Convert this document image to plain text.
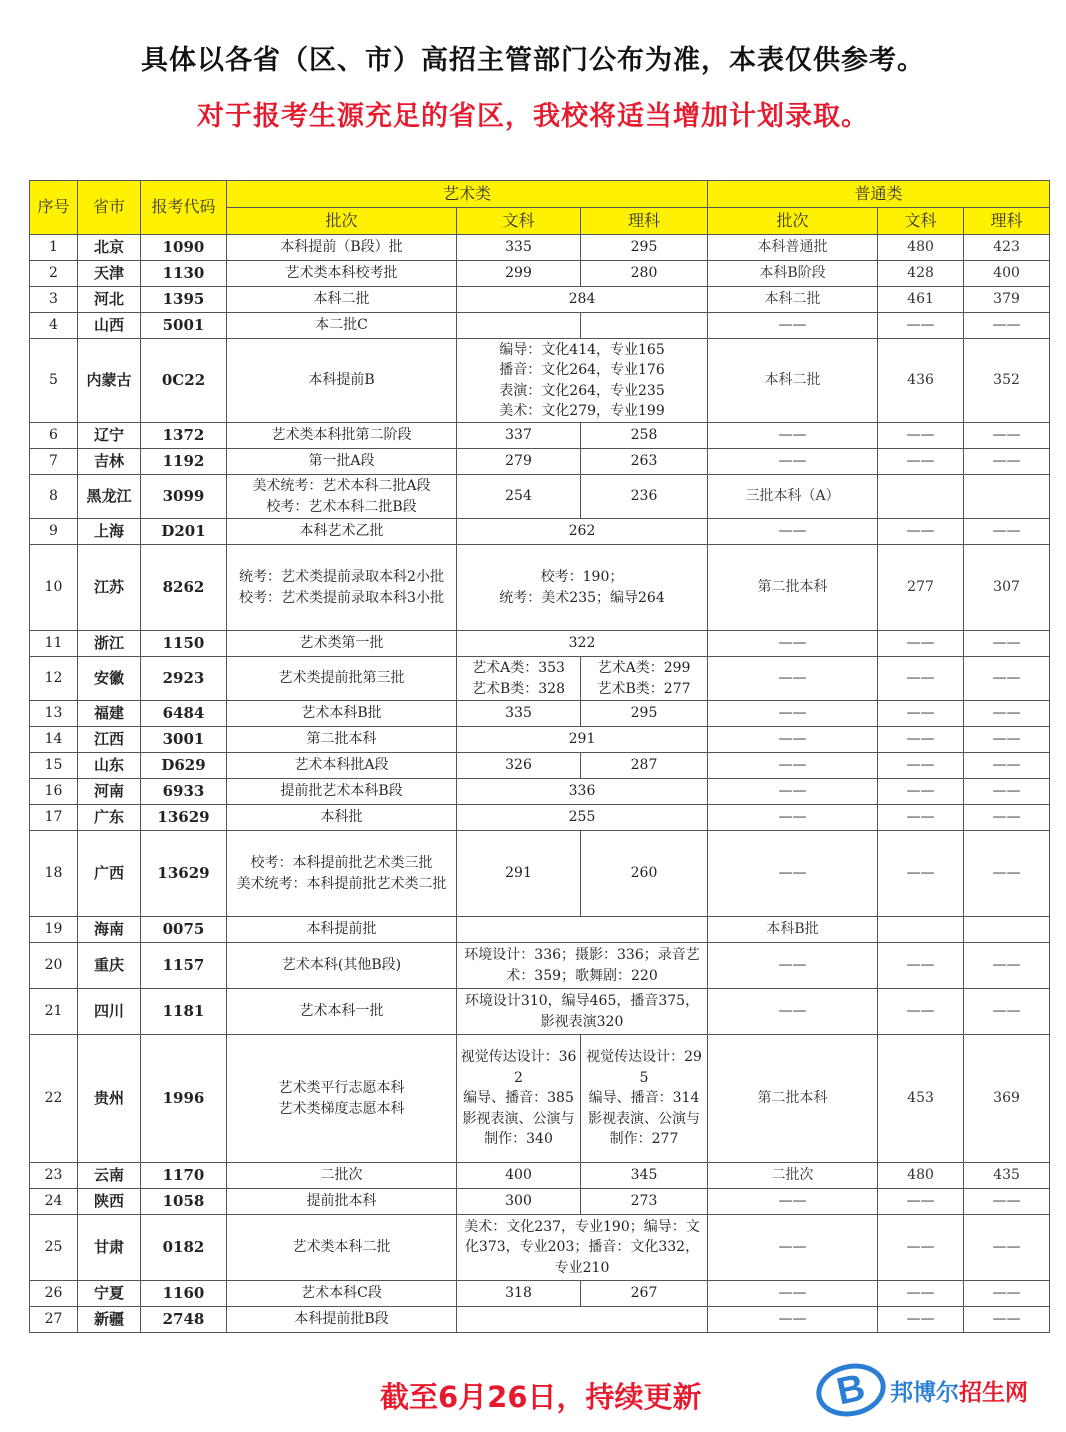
具体以各省（区、市）高招主管部门公布为准，本表仅供参考。
对于报考生源充足的省区，我校将适当增加计划录取。
序号	省市	报考代码	艺术类			普通类		
			批次	文科	理科	批次	文科	理科
1	北京	1090	本科提前（B段）批	335	295	本科普通批	480	423
2	天津	1130	艺术类本科校考批	299	280	本科B阶段	428	400
3	河北	1395	本科二批	284		本科二批	461	379
4	山西	5001	本二批C			——	——	——
5	内蒙古	0C22	本科提前B	编导：文化414，专业165
播音：文化264，专业176
表演：文化264，专业235
美术：文化279，专业199		本科二批	436	352
6	辽宁	1372	艺术类本科批第二阶段	337	258	——	——	——
7	吉林	1192	第一批A段	279	263	——	——	——
8	黑龙江	3099	美术统考：艺术本科二批A段
校考：艺术本科二批B段	254	236	三批本科（A）		
9	上海	D201	本科艺术乙批	262		——	——	——
10	江苏	8262	统考：艺术类提前录取本科2小批
校考：艺术类提前录取本科3小批	校考：190；
统考：美术235；编导264		第二批本科	277	307
11	浙江	1150	艺术类第一批	322		——	——	——
12	安徽	2923	艺术类提前批第三批	艺术A类：353
艺术B类：328	艺术A类：299
艺术B类：277	——	——	——
13	福建	6484	艺术本科B批	335	295	——	——	——
14	江西	3001	第二批本科	291		——	——	——
15	山东	D629	艺术本科批A段	326	287	——	——	——
16	河南	6933	提前批艺术本科B段	336		——	——	——
17	广东	13629	本科批	255		——	——	——
18	广西	13629	校考：本科提前批艺术类三批
美术统考：本科提前批艺术类二批	291	260	——	——	——
19	海南	0075	本科提前批			本科B批		
20	重庆	1157	艺术本科(其他B段)	环境设计：336；摄影：336；录音艺术：359；歌舞剧：220		——	——	——
21	四川	1181	艺术本科一批	环境设计310，编导465，播音375，影视表演320		——	——	——
22	贵州	1996	艺术类平行志愿本科
艺术类梯度志愿本科	视觉传达设计：362
编导、播音：385
影视表演、公演与制作：340	视觉传达设计：295
编导、播音：314
影视表演、公演与制作：277	第二批本科	453	369
23	云南	1170	二批次	400	345	二批次	480	435
24	陕西	1058	提前批本科	300	273	——	——	——
25	甘肃	0182	艺术类本科二批	美术：文化237，专业190；编导：文化373，专业203；播音：文化332，专业210		——	——	——
26	宁夏	1160	艺术本科C段	318	267	——	——	——
27	新疆	2748	本科提前批B段			——	——	——
截至6月26日，持续更新	B 邦博尔招生网
